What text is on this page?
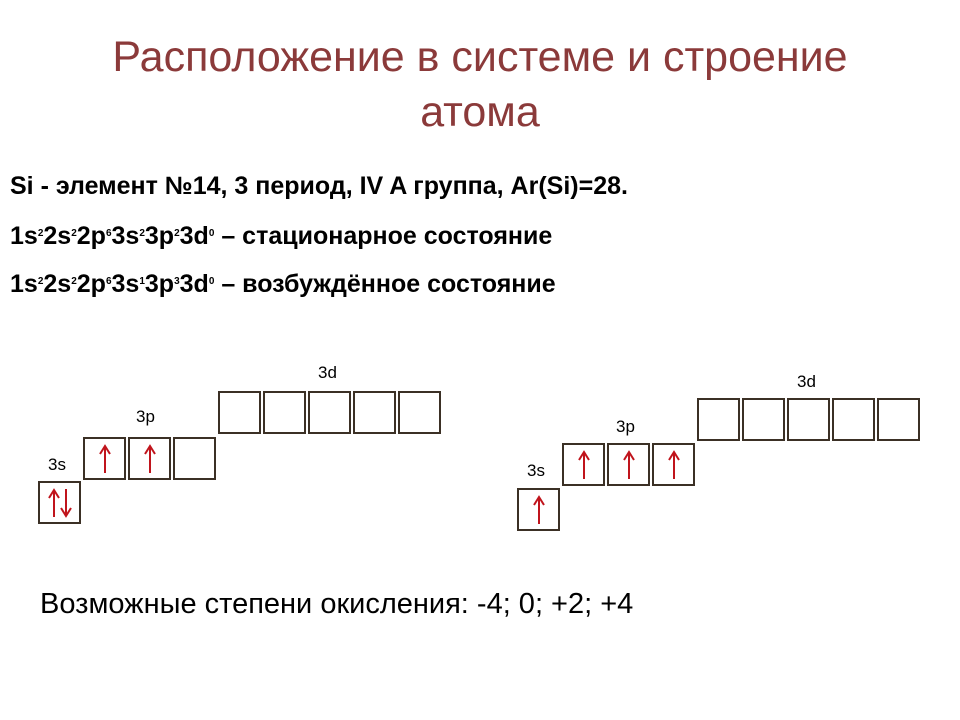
Расположение в системе и строение
атома
Si - элемент №14, 3 период, IV A группа, Ar(Si)=28.
$1s^22s^22p^63s^23p^23d^0$ – стационарное состояние
$1s^22s^22p^63s^13p^33d^0$ – возбуждённое состояние
3s
3p
3d
3s
3p
3d
Возможные степени окисления: -4; 0; +2; +4
